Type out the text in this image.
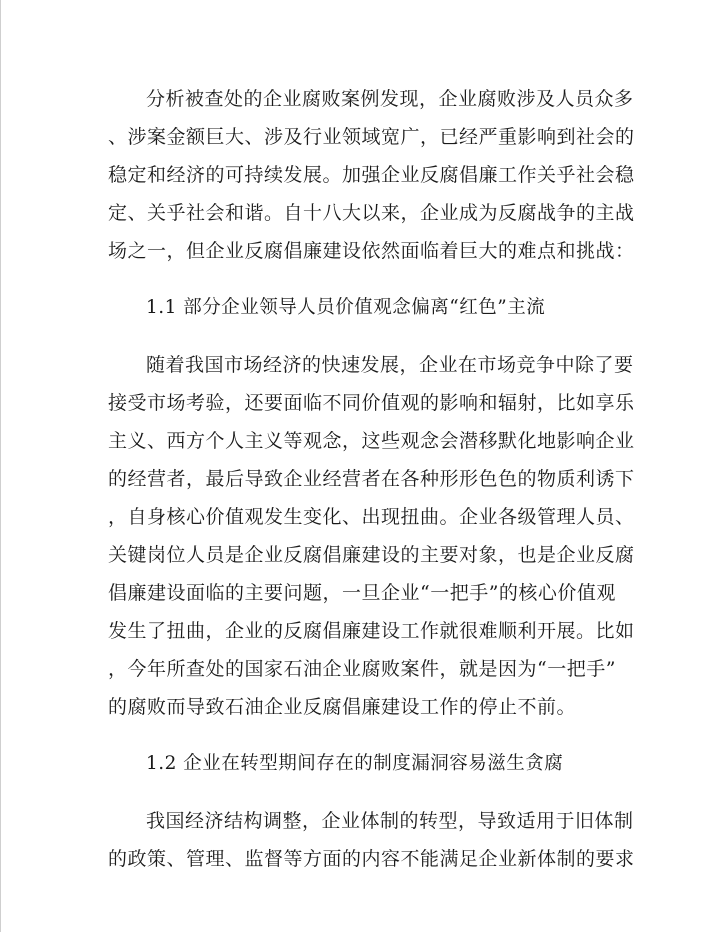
分析被查处的企业腐败案例发现，企业腐败涉及人员众多
、涉案金额巨大、涉及行业领域宽广，已经严重影响到社会的
稳定和经济的可持续发展。加强企业反腐倡廉工作关乎社会稳
定、关乎社会和谐。自十八大以来，企业成为反腐战争的主战
场之一，但企业反腐倡廉建设依然面临着巨大的难点和挑战：
1.1 部分企业领导人员价值观念偏离“红色”主流
随着我国市场经济的快速发展，企业在市场竞争中除了要
接受市场考验，还要面临不同价值观的影响和辐射，比如享乐
主义、西方个人主义等观念，这些观念会潜移默化地影响企业
的经营者，最后导致企业经营者在各种形形色色的物质利诱下
，自身核心价值观发生变化、出现扭曲。企业各级管理人员、
关键岗位人员是企业反腐倡廉建设的主要对象，也是企业反腐
倡廉建设面临的主要问题，一旦企业“一把手”的核心价值观
发生了扭曲，企业的反腐倡廉建设工作就很难顺利开展。比如
，今年所查处的国家石油企业腐败案件，就是因为“一把手”
的腐败而导致石油企业反腐倡廉建设工作的停止不前。
1.2 企业在转型期间存在的制度漏洞容易滋生贪腐
我国经济结构调整，企业体制的转型，导致适用于旧体制
的政策、管理、监督等方面的内容不能满足企业新体制的要求
